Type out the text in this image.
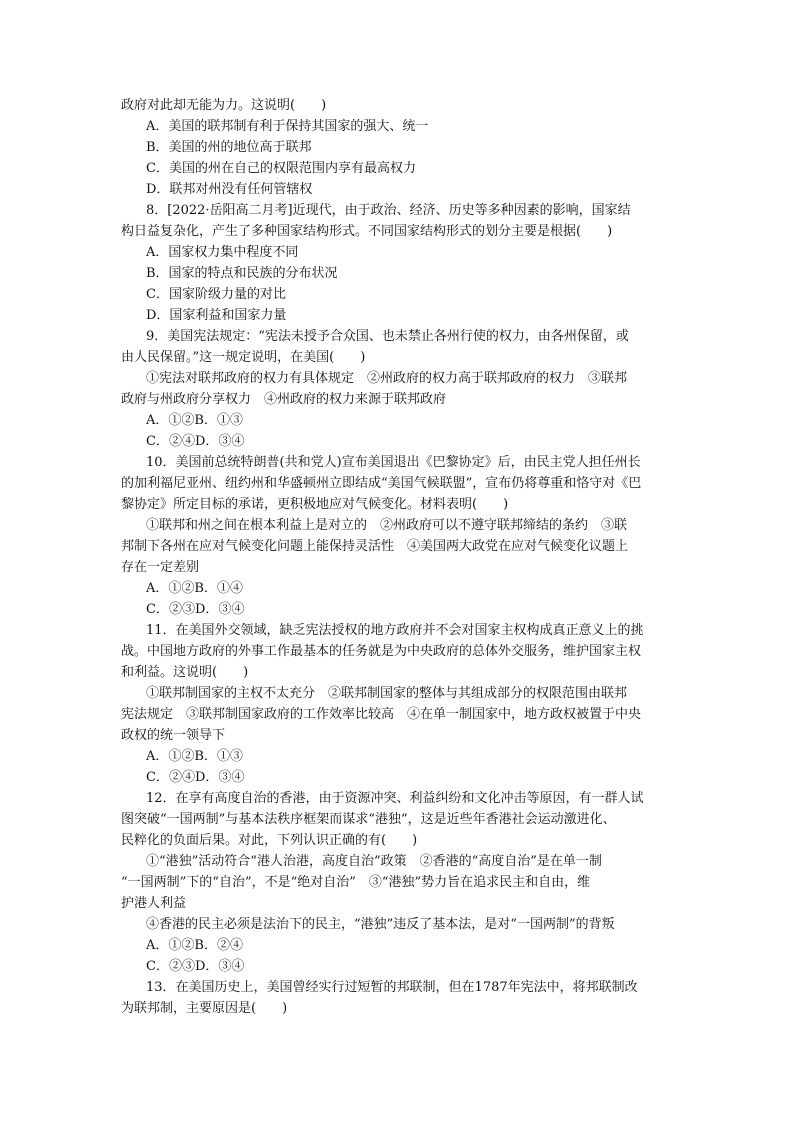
政府对此却无能为力。这说明(　　)
A．美国的联邦制有利于保持其国家的强大、统一
B．美国的州的地位高于联邦
C．美国的州在自己的权限范围内享有最高权力
D．联邦对州没有任何管辖权
8．[2022·岳阳高二月考]近现代，由于政治、经济、历史等多种因素的影响，国家结
构日益复杂化，产生了多种国家结构形式。不同国家结构形式的划分主要是根据(　　)
A．国家权力集中程度不同
B．国家的特点和民族的分布状况
C．国家阶级力量的对比
D．国家利益和国家力量
9．美国宪法规定：“宪法未授予合众国、也未禁止各州行使的权力，由各州保留，或
由人民保留。”这一规定说明，在美国(　　)
①宪法对联邦政府的权力有具体规定　②州政府的权力高于联邦政府的权力　③联邦
政府与州政府分享权力　④州政府的权力来源于联邦政府
A．①②B．①③
C．②④D．③④
10．美国前总统特朗普(共和党人)宣布美国退出《巴黎协定》后，由民主党人担任州长
的加利福尼亚州、纽约州和华盛顿州立即结成“美国气候联盟”，宣布仍将尊重和恪守对《巴
黎协定》所定目标的承诺，更积极地应对气候变化。材料表明(　　)
①联邦和州之间在根本利益上是对立的　②州政府可以不遵守联邦缔结的条约　③联
邦制下各州在应对气候变化问题上能保持灵活性　④美国两大政党在应对气候变化议题上
存在一定差别
A．①②B．①④
C．②③D．③④
11．在美国外交领域，缺乏宪法授权的地方政府并不会对国家主权构成真正意义上的挑
战。中国地方政府的外事工作最基本的任务就是为中央政府的总体外交服务，维护国家主权
和利益。这说明(　　)
①联邦制国家的主权不太充分　②联邦制国家的整体与其组成部分的权限范围由联邦
宪法规定　③联邦制国家政府的工作效率比较高　④在单一制国家中，地方政权被置于中央
政权的统一领导下
A．①②B．①③
C．②④D．③④
12．在享有高度自治的香港，由于资源冲突、利益纠纷和文化冲击等原因，有一群人试
图突破“一国两制”与基本法秩序框架而谋求“港独”，这是近些年香港社会运动激进化、
民粹化的负面后果。对此，下列认识正确的有(　　)
①“港独”活动符合“港人治港，高度自治”政策　②香港的“高度自治”是在单一制
“一国两制”下的“自治”，不是“绝对自治”　③“港独”势力旨在追求民主和自由，维
护港人利益
④香港的民主必须是法治下的民主，“港独”违反了基本法，是对“一国两制”的背叛
A．①②B．②④
C．②③D．③④
13．在美国历史上，美国曾经实行过短暂的邦联制，但在1787年宪法中，将邦联制改
为联邦制，主要原因是(　　)
